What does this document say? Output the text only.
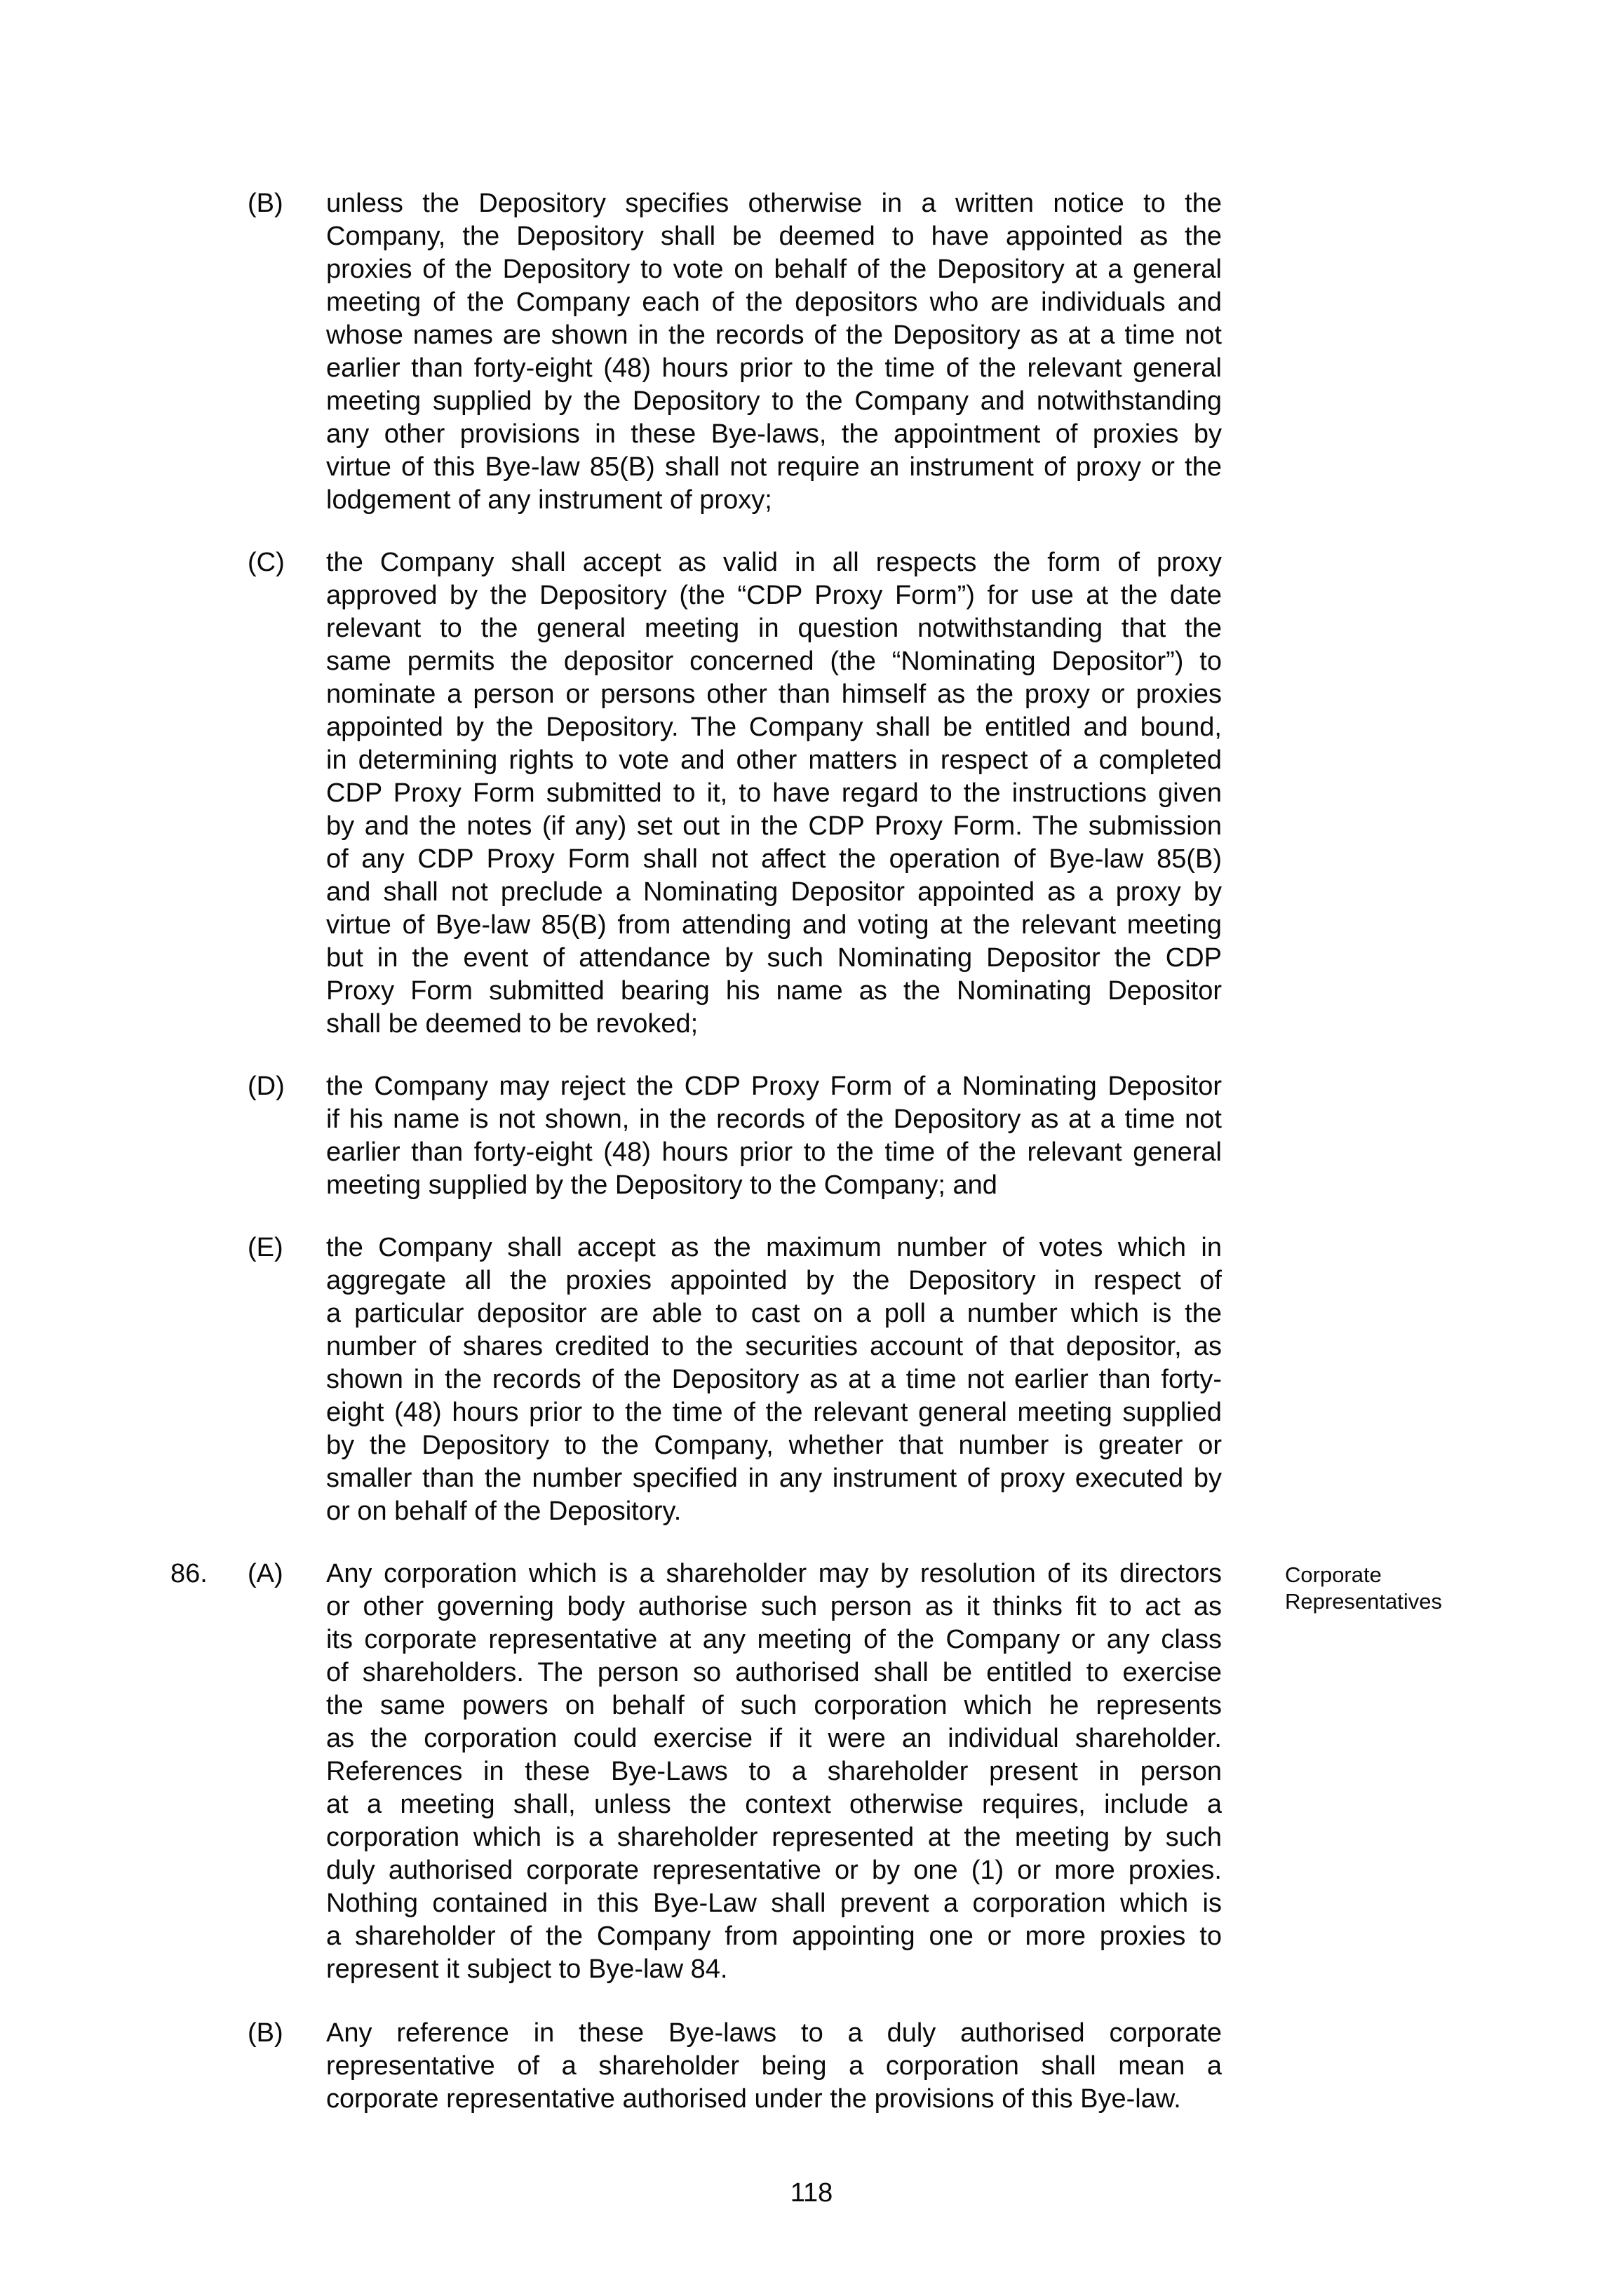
(B) unless the Depository specifies otherwise in a written notice to the
Company, the Depository shall be deemed to have appointed as the
proxies of the Depository to vote on behalf of the Depository at a general
meeting of the Company each of the depositors who are individuals and
whose names are shown in the records of the Depository as at a time not
earlier than forty-eight (48) hours prior to the time of the relevant general
meeting supplied by the Depository to the Company and notwithstanding
any other provisions in these Bye-laws, the appointment of proxies by
virtue of this Bye-law 85(B) shall not require an instrument of proxy or the
lodgement of any instrument of proxy;
(C) the Company shall accept as valid in all respects the form of proxy
approved by the Depository (the “CDP Proxy Form”) for use at the date
relevant to the general meeting in question notwithstanding that the
same permits the depositor concerned (the “Nominating Depositor”) to
nominate a person or persons other than himself as the proxy or proxies
appointed by the Depository. The Company shall be entitled and bound,
in determining rights to vote and other matters in respect of a completed
CDP Proxy Form submitted to it, to have regard to the instructions given
by and the notes (if any) set out in the CDP Proxy Form. The submission
of any CDP Proxy Form shall not affect the operation of Bye-law 85(B)
and shall not preclude a Nominating Depositor appointed as a proxy by
virtue of Bye-law 85(B) from attending and voting at the relevant meeting
but in the event of attendance by such Nominating Depositor the CDP
Proxy Form submitted bearing his name as the Nominating Depositor
shall be deemed to be revoked;
(D) the Company may reject the CDP Proxy Form of a Nominating Depositor
if his name is not shown, in the records of the Depository as at a time not
earlier than forty-eight (48) hours prior to the time of the relevant general
meeting supplied by the Depository to the Company; and
(E) the Company shall accept as the maximum number of votes which in
aggregate all the proxies appointed by the Depository in respect of
a particular depositor are able to cast on a poll a number which is the
number of shares credited to the securities account of that depositor, as
shown in the records of the Depository as at a time not earlier than forty-
eight (48) hours prior to the time of the relevant general meeting supplied
by the Depository to the Company, whether that number is greater or
smaller than the number specified in any instrument of proxy executed by
or on behalf of the Depository.
86. (A) Any corporation which is a shareholder may by resolution of its directors
or other governing body authorise such person as it thinks fit to act as
its corporate representative at any meeting of the Company or any class
of shareholders. The person so authorised shall be entitled to exercise
the same powers on behalf of such corporation which he represents
as the corporation could exercise if it were an individual shareholder.
References in these Bye-Laws to a shareholder present in person
at a meeting shall, unless the context otherwise requires, include a
corporation which is a shareholder represented at the meeting by such
duly authorised corporate representative or by one (1) or more proxies.
Nothing contained in this Bye-Law shall prevent a corporation which is
a shareholder of the Company from appointing one or more proxies to
represent it subject to Bye-law 84.
Corporate
Representatives
(B) Any reference in these Bye-laws to a duly authorised corporate
representative of a shareholder being a corporation shall mean a
corporate representative authorised under the provisions of this Bye-law.
118
